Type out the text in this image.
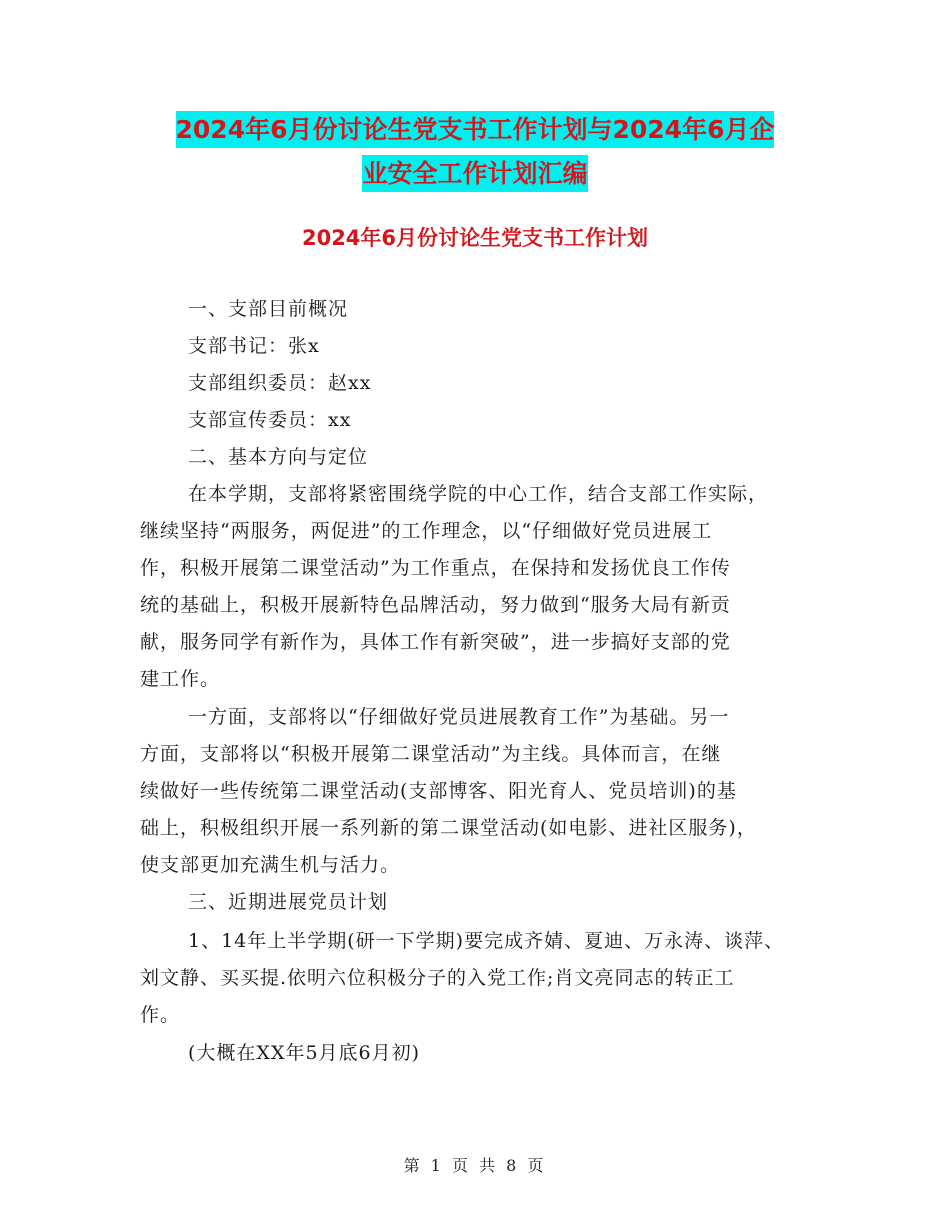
2024年6月份讨论生党支书工作计划与2024年6月企
业安全工作计划汇编
2024年6月份讨论生党支书工作计划
一、支部目前概况
支部书记：张x
支部组织委员：赵xx
支部宣传委员：xx
二、基本方向与定位
在本学期，支部将紧密围绕学院的中心工作，结合支部工作实际，
继续坚持“两服务，两促进”的工作理念，以“仔细做好党员进展工
作，积极开展第二课堂活动”为工作重点，在保持和发扬优良工作传
统的基础上，积极开展新特色品牌活动，努力做到“服务大局有新贡
献，服务同学有新作为，具体工作有新突破”，进一步搞好支部的党
建工作。
一方面，支部将以“仔细做好党员进展教育工作”为基础。另一
方面，支部将以“积极开展第二课堂活动”为主线。具体而言，在继
续做好一些传统第二课堂活动(支部博客、阳光育人、党员培训)的基
础上，积极组织开展一系列新的第二课堂活动(如电影、进社区服务)，
使支部更加充满生机与活力。
三、近期进展党员计划
1、14年上半学期(研一下学期)要完成齐婧、夏迪、万永涛、谈萍、
刘文静、买买提.依明六位积极分子的入党工作;肖文亮同志的转正工
作。
(大概在XX年5月底6月初)
第 1 页 共 8 页
